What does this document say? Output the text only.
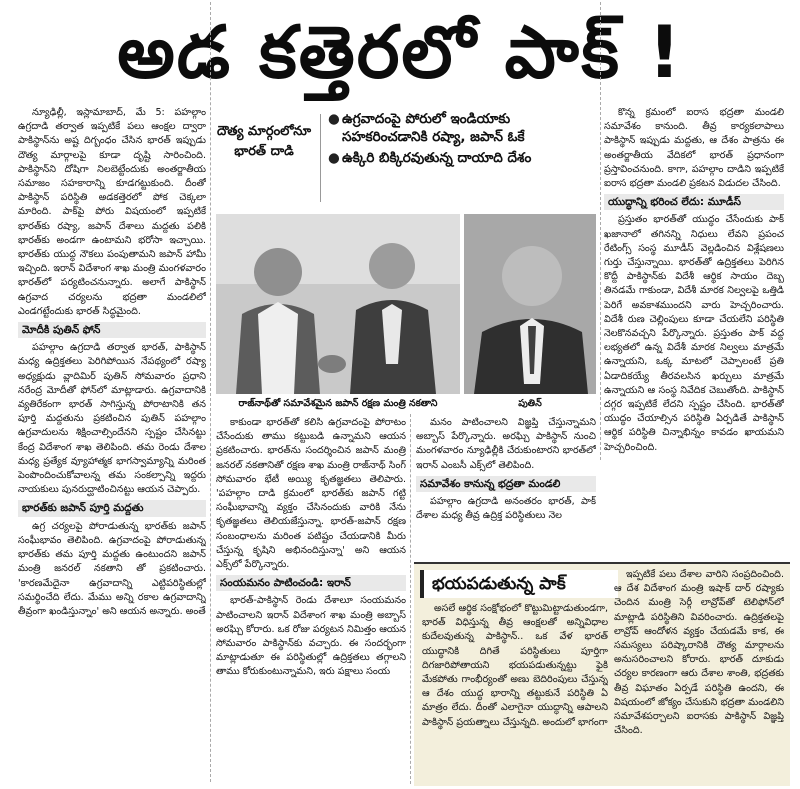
అడ కత్తెరలో పాక్ !

న్యూఢిల్లీ, ఇస్లామాబాద్, మే 5: పహల్గాం ఉగ్రదాడి తర్వాత ఇప్పటికే పలు ఆంక్షల ద్వారా పాకిస్థాన్‌ను అష్ట దిగ్బంధం చేసిన భారత్ ఇప్పుడు దౌత్య మార్గాలపై కూడా దృష్టి సారించింది. పాకిస్థాన్‌ని దోషిగా నిలబెట్టేందుకు అంతర్జాతీయ సమాజం సహకారాన్ని కూడగట్టుకుంది. దీంతో పాకిస్థాన్ పరిస్థితి అడకత్తెరలో పోక చెక్కలా మారింది. పాక్‌పై పోరు విషయంలో ఇప్పటికే భారత్‌కు రష్యా, జపాన్ దేశాలు మద్దతు పలికి భారత్‌కు అండగా ఉంటామని భరోసా ఇచ్చాయి. భారత్‌కు యుద్ధ నౌకలు పంపుతామని జపాన్ హామీ ఇచ్చింది. ఇరాన్ విదేశాంగ శాఖ మంత్రి మంగళవారం భారత్‌లో పర్యటించనున్నారు. అలాగే పాకిస్థాన్ ఉగ్రవాద చర్యలను భద్రతా మండలిలో ఎండగట్టేందుకు భారత్ సిద్ధమైంది.

మోదీకి పుతిన్ ఫోన్

పహల్గాం ఉగ్రదాడి తర్వాత భారత్, పాకిస్థాన్ మధ్య ఉద్రిక్తతలు పెరిగిపోయిన నేపథ్యంలో రష్యా అధ్యక్షుడు వ్లాదిమిర్ పుతిన్ సోమవారం ప్రధాని నరేంద్ర మోదీతో ఫోన్‌లో మాట్లాడారు. ఉగ్రవాదానికి వ్యతిరేకంగా భారత్ సాగిస్తున్న పోరాటానికి తన పూర్తి మద్దతును ప్రకటించిన పుతిన్ పహల్గాం ఉగ్రవాదులను శిక్షించాల్సిందేనని స్పష్టం చేసినట్టు కేంద్ర విదేశాంగ శాఖ తెలిపింది. తమ రెండు దేశాల మధ్య ప్రత్యేక వ్యూహాత్మక భాగస్వామ్యాన్ని మరింత పెంపొందించుకోవాలన్న తమ సంకల్పాన్ని ఇద్దరు నాయకులు పునరుద్ఘాటించినట్టు ఆయన చెప్పారు.

భారత్‌కు జపాన్ పూర్తి మద్దతు

ఉగ్ర చర్యలపై పోరాడుతున్న భారత్‌కు జపాన్ సంఘీభావం తెలిపింది. ఉగ్రవాదంపై పోరాడుతున్న భారత్‌కు తమ పూర్తి మద్దతు ఉంటుందని జపాన్ మంత్రి జనరల్ నకతాని తో ప్రకటించారు. 'కారణమేదైనా ఉగ్రవాదాన్ని ఎట్టిపరిస్థితుల్లో సమర్థించేది లేదు. మేము అన్ని రకాల ఉగ్రవాదాన్ని తీవ్రంగా ఖండిస్తున్నాం' అని ఆయన అన్నారు. అంతే

దౌత్య మార్గంలోనూ భారత్ దాడి
● ఉగ్రవాదంపై పోరులో ఇండియాకు సహకరించడానికి రష్యా, జపాన్ ఓకే
● ఉక్కిరి బిక్కిరవుతున్న దాయాది దేశం
రాజ్‌నాథ్‌తో సమావేశమైన జపాన్ రక్షణ మంత్రి నకతాని	పుతిన్

కాకుండా భారత్‌తో కలిసి ఉగ్రవాదంపై పోరాటం చేసేందుకు తాము కట్టుబడి ఉన్నామని ఆయన ప్రకటించారు. భారత్‌ను సందర్శించిన జపాన్ మంత్రి జనరల్ నకతానితో రక్షణ శాఖ మంత్రి రాజ్‌నాథ్ సింగ్ సోమవారం భేటీ అయ్యి కృతజ్ఞతలు తెలిపారు. 'పహల్గాం దాడి క్రమంలో భారత్‌కు జపాన్ గట్టి సంఘీభావాన్ని వ్యక్తం చేసినందుకు వారికి నేను కృతజ్ఞతలు తెలియజేస్తున్నా. భారత్-జపాన్ రక్షణ సంబంధాలను మరింత పటిష్టం చేయడానికి మీరు చేస్తున్న కృషిని అభినందిస్తున్నా' అని ఆయన ఎక్స్‌లో పేర్కొన్నారు.

సంయమనం పాటించండి: ఇరాన్

భారత్-పాకిస్థాన్ రెండు దేశాలూ సంయమనం పాటించాలని ఇరాన్ విదేశాంగ శాఖ మంత్రి అబ్బాస్ అరఘ్చి కోరారు. ఒక రోజు పర్యటన నిమిత్తం ఆయన సోమవారం పాకిస్థాన్‌కు వచ్చారు. ఈ సందర్భంగా మాట్లాడుతూ ఈ పరిస్థితుల్లో ఉద్రిక్తతలు తగ్గాలని తాము కోరుకుంటున్నామని, ఇరు పక్షాలు సంయ

మనం పాటించాలని విజ్ఞప్తి చేస్తున్నామని అబ్బాస్ పేర్కొన్నారు. అరఘ్చి పాకిస్థాన్ నుంచి మంగళవారం న్యూఢిల్లీకి చేరుకుంటారని భారత్‌లో ఇరాన్ ఎంబసీ ఎక్స్‌లో తెలిపింది.

సమావేశం కానున్న భద్రతా మండలి

పహల్గాం ఉగ్రదాడి అనంతరం భారత్, పాక్ దేశాల మధ్య తీవ్ర ఉద్రిక్త పరిస్థితులు నెల

కొన్న క్రమంలో ఐరాస భద్రతా మండలి సమావేశం కానుంది. తీవ్ర కార్యకలాపాలు పాకిస్థాన్ ఇప్పుడు మద్దతు, ఆ దేశం పాత్రను ఈ అంతర్జాతీయ వేదికలో భారత్ ప్రధానంగా ప్రస్తావించనుంది. కాగా, పహల్గాం దాడిని ఇప్పటికే ఐరాస భద్రతా మండలి ప్రకటన విడుదల చేసింది.

యుద్ధాన్ని భరించ లేదు: మూడీస్

ప్రస్తుతం భారత్‌తో యుద్ధం చేసేందుకు పాక్ ఖజానాలో తగినన్ని నిధులు లేవని ప్రపంచ రేటింగ్స్ సంస్థ మూడీస్ వెల్లడించిన విశ్లేషణలు గుర్తు చేస్తున్నాయి. భారత్‌తో ఉద్రిక్తతలు పెరిగిన కొద్దీ పాకిస్థాన్‌కు విదేశీ ఆర్థిక సాయం దెబ్బ తినడమే గాకుండా, విదేశీ మారక నిల్వలపై ఒత్తిడి పెరిగే అవకాశముందని వారు హెచ్చరించారు. విదేశీ రుణ చెల్లింపులు కూడా చేయలేని పరిస్థితి నెలకొనవచ్చని పేర్కొన్నారు. ప్రస్తుతం పాక్ వద్ద లభ్యతలో ఉన్న విదేశీ మారక నిల్వలు మాత్రమే ఉన్నాయని, ఒక్క మాటలో చెప్పాలంటే ప్రతి ఏడాదికయ్యే తీరవలసిన ఖర్చులు మాత్రమే ఉన్నాయని ఆ సంస్థ నివేదిక చెబుతోంది. పాకిస్థాన్ దగ్గర ఇప్పటికే లేదని స్పష్టం చేసింది. భారత్‌తో యుద్ధం చేయాల్సిన పరిస్థితి ఏర్పడితే పాకిస్థాన్ ఆర్థిక పరిస్థితి చిన్నాభిన్నం కావడం ఖాయమని హెచ్చరించింది.

భయపడుతున్న పాక్

అసలే ఆర్థిక సంక్షోభంలో కొట్టుమిట్టాడుతుండగా, భారత్ విధిస్తున్న తీవ్ర ఆంక్షలతో అన్నివిధాల కుదేలవుతున్న పాకిస్థాన్.. ఒక వేళ భారత్ యుద్ధానికి దిగితే పరిస్థితులు పూర్తిగా దిగజారిపోతాయని భయపడుతున్నట్టు ఫైకి మేకపోతు గాంభీర్యంతో అణు బెదిరింపులు చేస్తున్న ఆ దేశం యుద్ధ భారాన్ని తట్టుకునే పరిస్థితి ఏ మాత్రం లేదు. దీంతో ఎలాగైనా యుద్ధాన్ని ఆపాలని పాకిస్థాన్ ప్రయత్నాలు చేస్తున్నది. అందులో భాగంగా

ఇప్పటికే పలు దేశాల వారిని సంప్రదించింది. ఆ దేశ విదేశాంగ మంత్రి ఇషాక్ దార్ రష్యాకు చెందిన మంత్రి సెర్గీ లావ్రోవ్‌తో టెలిఫోన్‌లో మాట్లాడి పరిస్థితిని వివరించారు. ఉద్రిక్తతలపై లావ్రోవ్ ఆందోళన వ్యక్తం చేయడమే కాక, ఈ సమస్యలు పరిష్కారానికి దౌత్య మార్గాలను అనుసరించాలని కోరారు. భారత్ దూకుడు చర్యల కారణంగా ఆరు దేశాల శాంతి, భద్రతకు తీవ్ర విఘాతం ఏర్పడే పరిస్థితి ఉందని, ఈ విషయంలో జోక్యం చేసుకుని భద్రతా మండలిని సమావేశపర్చాలని ఐరాసకు పాకిస్థాన్ విజ్ఞప్తి చేసింది.
